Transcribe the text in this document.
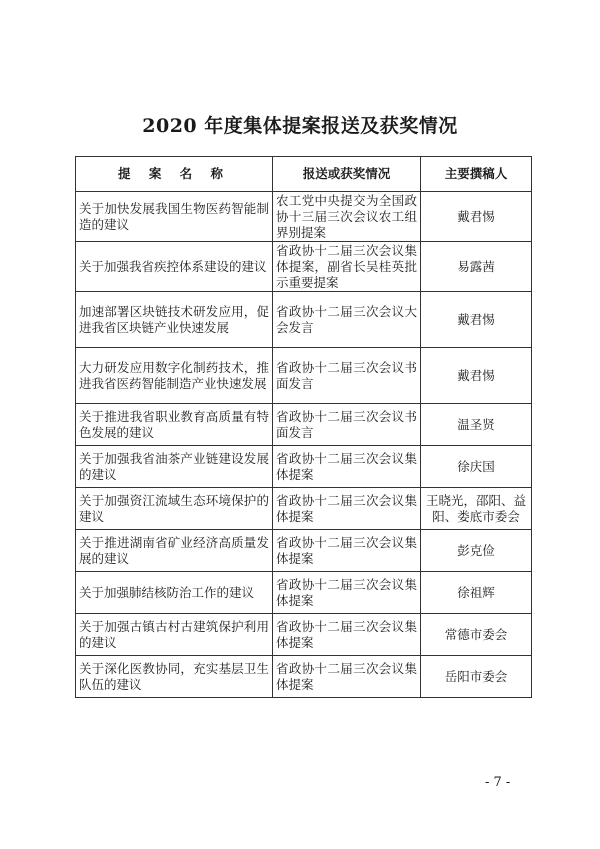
2020 年度集体提案报送及获奖情况
提 案 名 称	报送或获奖情况	主要撰稿人
关于加快发展我国生物医药智能制造的建议	农工党中央提交为全国政协十三届三次会议农工组界别提案	戴君惕
关于加强我省疾控体系建设的建议	省政协十二届三次会议集体提案，副省长吴桂英批示重要提案	易露茜
加速部署区块链技术研发应用，促进我省区块链产业快速发展	省政协十二届三次会议大会发言	戴君惕
大力研发应用数字化制药技术，推进我省医药智能制造产业快速发展	省政协十二届三次会议书面发言	戴君惕
关于推进我省职业教育高质量有特色发展的建议	省政协十二届三次会议书面发言	温圣贤
关于加强我省油茶产业链建设发展的建议	省政协十二届三次会议集体提案	徐庆国
关于加强资江流域生态环境保护的建议	省政协十二届三次会议集体提案	王晓光，邵阳、益阳、娄底市委会
关于推进湖南省矿业经济高质量发展的建议	省政协十二届三次会议集体提案	彭克俭
关于加强肺结核防治工作的建议	省政协十二届三次会议集体提案	徐祖辉
关于加强古镇古村古建筑保护利用的建议	省政协十二届三次会议集体提案	常德市委会
关于深化医教协同，充实基层卫生队伍的建议	省政协十二届三次会议集体提案	岳阳市委会
- 7 -
